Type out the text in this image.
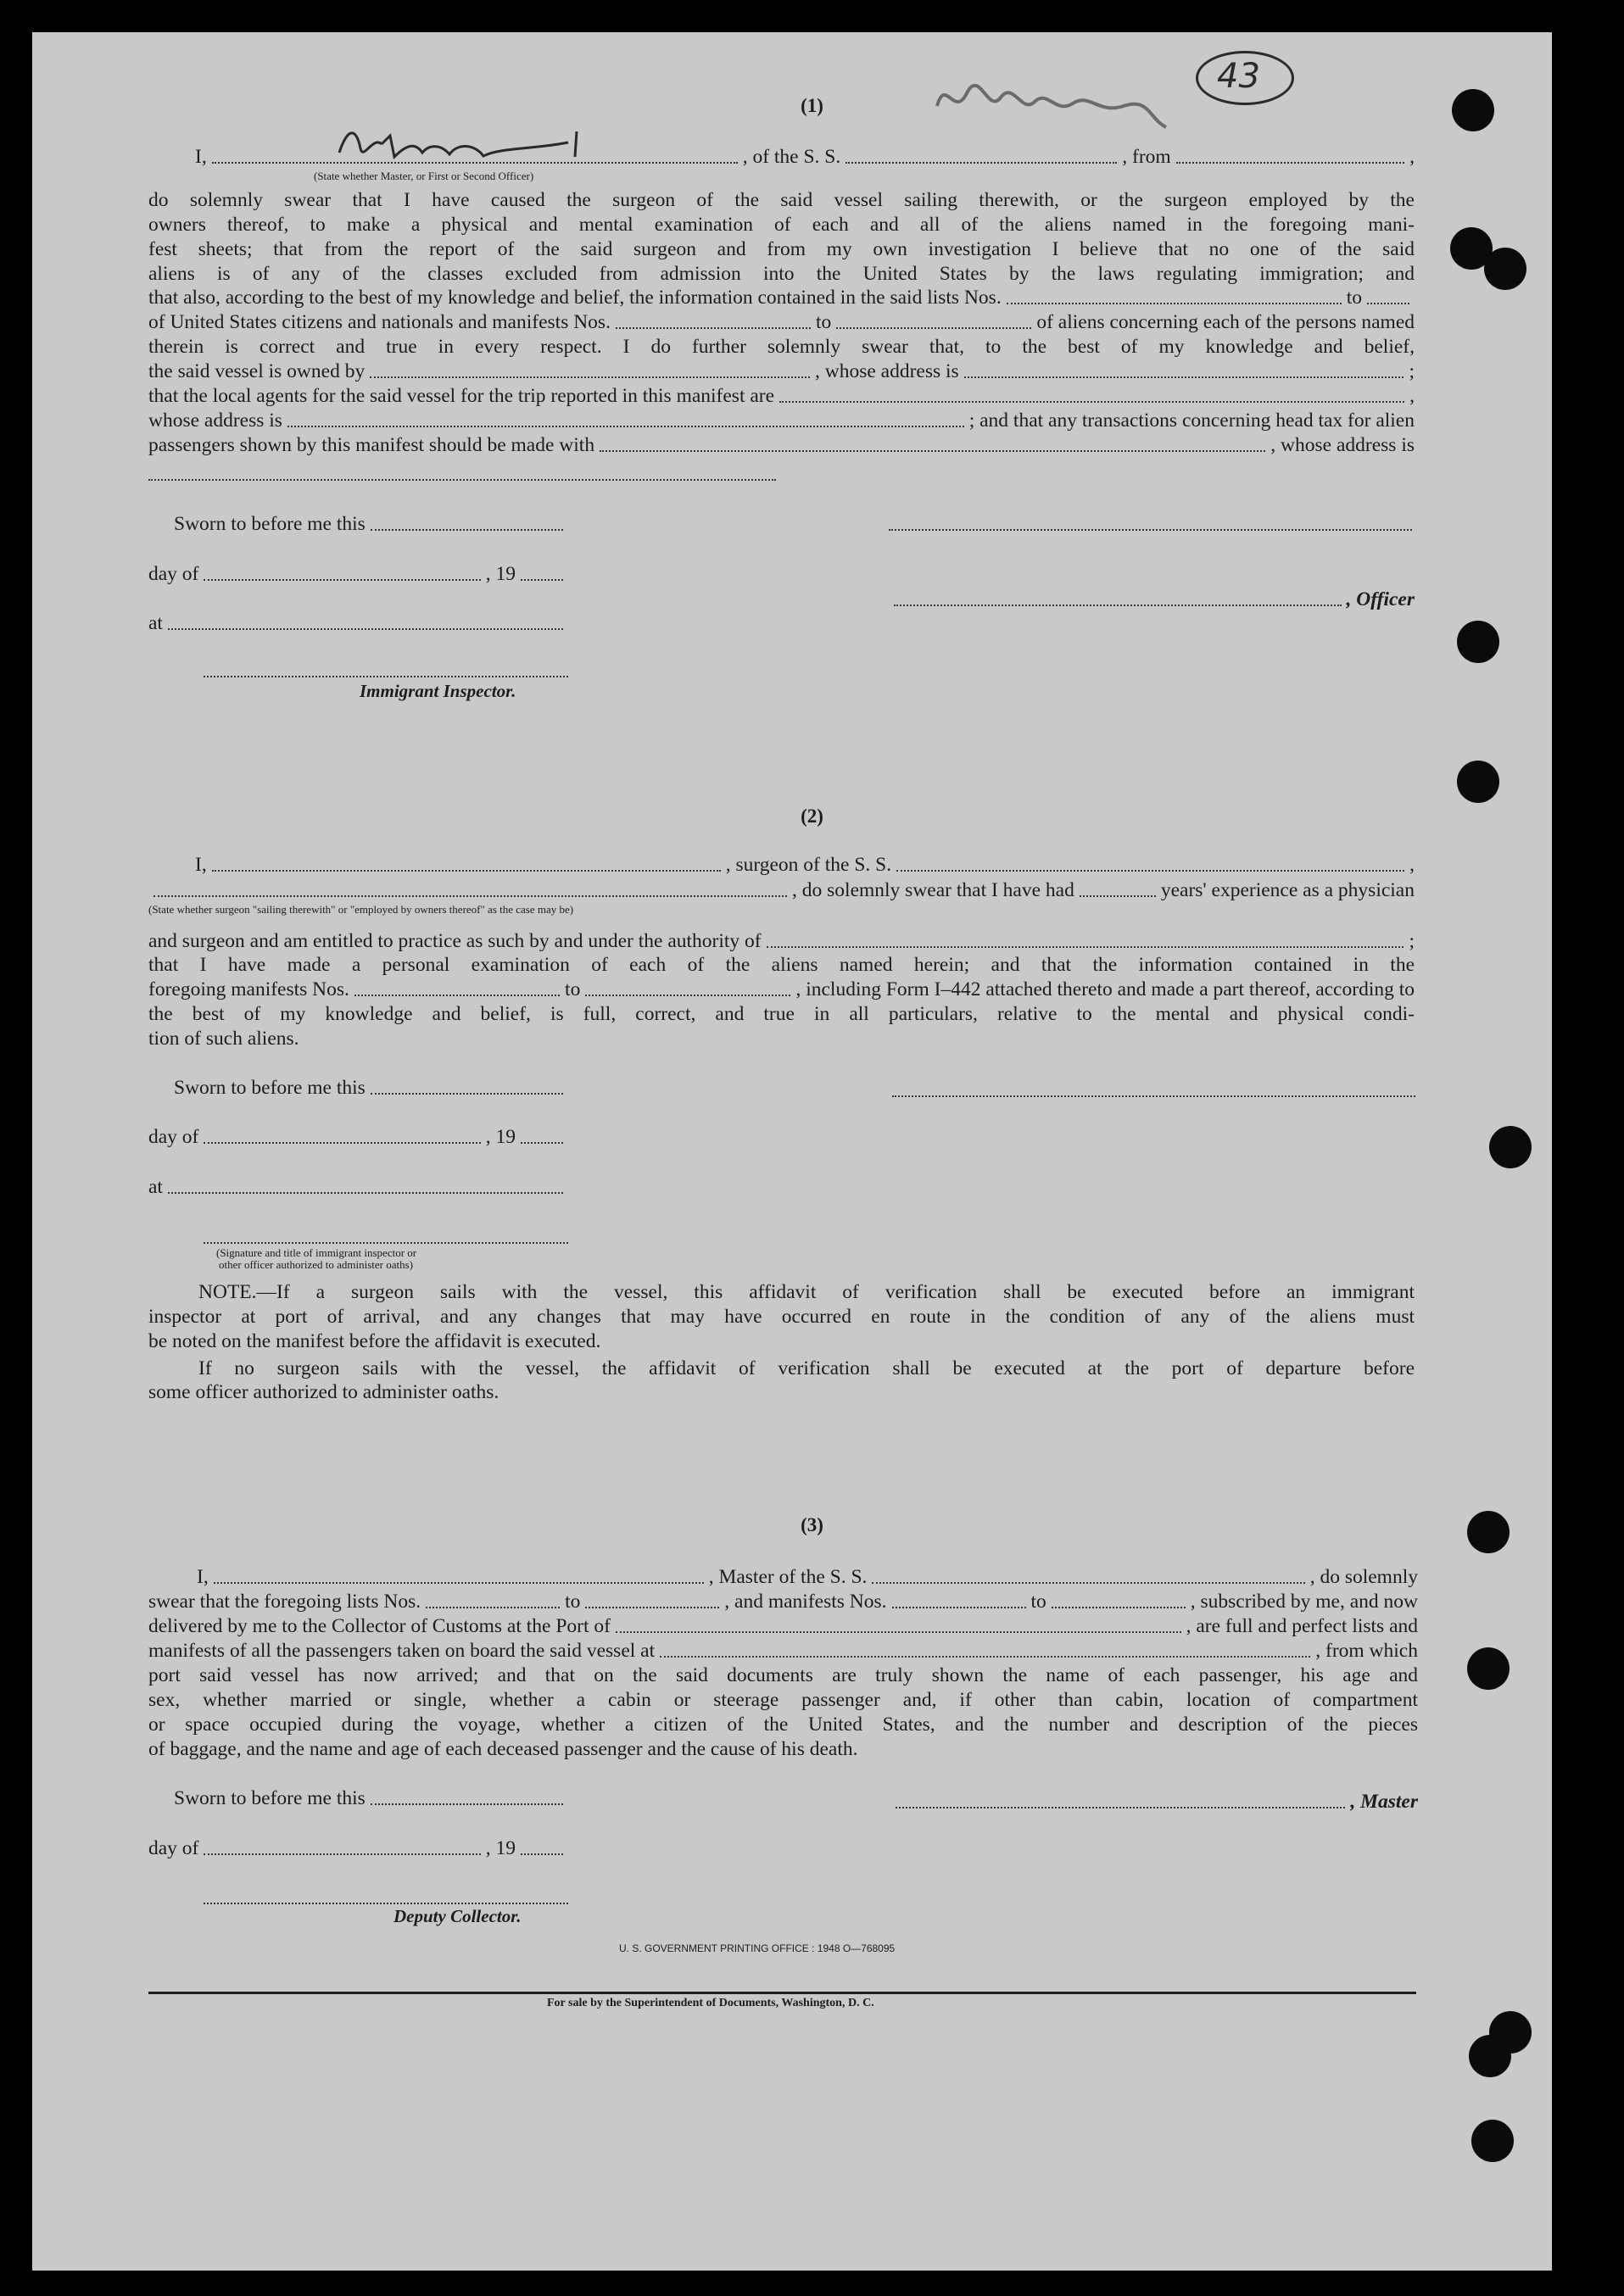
43
(1)
I,	, of the S. S.	, from	,
(State whether Master, or First or Second Officer)
do solemnly swear that I have caused the surgeon of the said vessel sailing therewith, or the surgeon employed by the
owners thereof, to make a physical and mental examination of each and all of the aliens named in the foregoing mani-
fest sheets; that from the report of the said surgeon and from my own investigation I believe that no one of the said
aliens is of any of the classes excluded from admission into the United States by the laws regulating immigration; and
that also, according to the best of my knowledge and belief, the information contained in the said lists Nos.	to
of United States citizens and nationals and manifests Nos.	to	of aliens concerning each of the persons named
therein is correct and true in every respect. I do further solemnly swear that, to the best of my knowledge and belief,
the said vessel is owned by	, whose address is	;
that the local agents for the said vessel for the trip reported in this manifest are	,
whose address is	; and that any transactions concerning head tax for alien
passengers shown by this manifest should be made with	, whose address is
Sworn to before me this
day of	, 19
, Officer
at
Immigrant Inspector.
(2)
I,	, surgeon of the S. S.	,
, do solemnly swear that I have had	years' experience as a physician
(State whether surgeon "sailing therewith" or "employed by owners thereof" as the case may be)
and surgeon and am entitled to practice as such by and under the authority of	;
that I have made a personal examination of each of the aliens named herein; and that the information contained in the
foregoing manifests Nos.	to	, including Form I–442 attached thereto and made a part thereof, according to
the best of my knowledge and belief, is full, correct, and true in all particulars, relative to the mental and physical condi-
tion of such aliens.
Sworn to before me this
day of	, 19
at
(Signature and title of immigrant inspector or
other officer authorized to administer oaths)
NOTE.—If a surgeon sails with the vessel, this affidavit of verification shall be executed before an immigrant
inspector at port of arrival, and any changes that may have occurred en route in the condition of any of the aliens must
be noted on the manifest before the affidavit is executed.
If no surgeon sails with the vessel, the affidavit of verification shall be executed at the port of departure before
some officer authorized to administer oaths.
(3)
I,	, Master of the S. S.	, do solemnly
swear that the foregoing lists Nos.	to	, and manifests Nos.	to	, subscribed by me, and now
delivered by me to the Collector of Customs at the Port of	, are full and perfect lists and
manifests of all the passengers taken on board the said vessel at	, from which
port said vessel has now arrived; and that on the said documents are truly shown the name of each passenger, his age and
sex, whether married or single, whether a cabin or steerage passenger and, if other than cabin, location of compartment
or space occupied during the voyage, whether a citizen of the United States, and the number and description of the pieces
of baggage, and the name and age of each deceased passenger and the cause of his death.
Sworn to before me this	, Master
day of	, 19
Deputy Collector.
U. S. GOVERNMENT PRINTING OFFICE : 1948 O—768095
For sale by the Superintendent of Documents, Washington, D. C.
